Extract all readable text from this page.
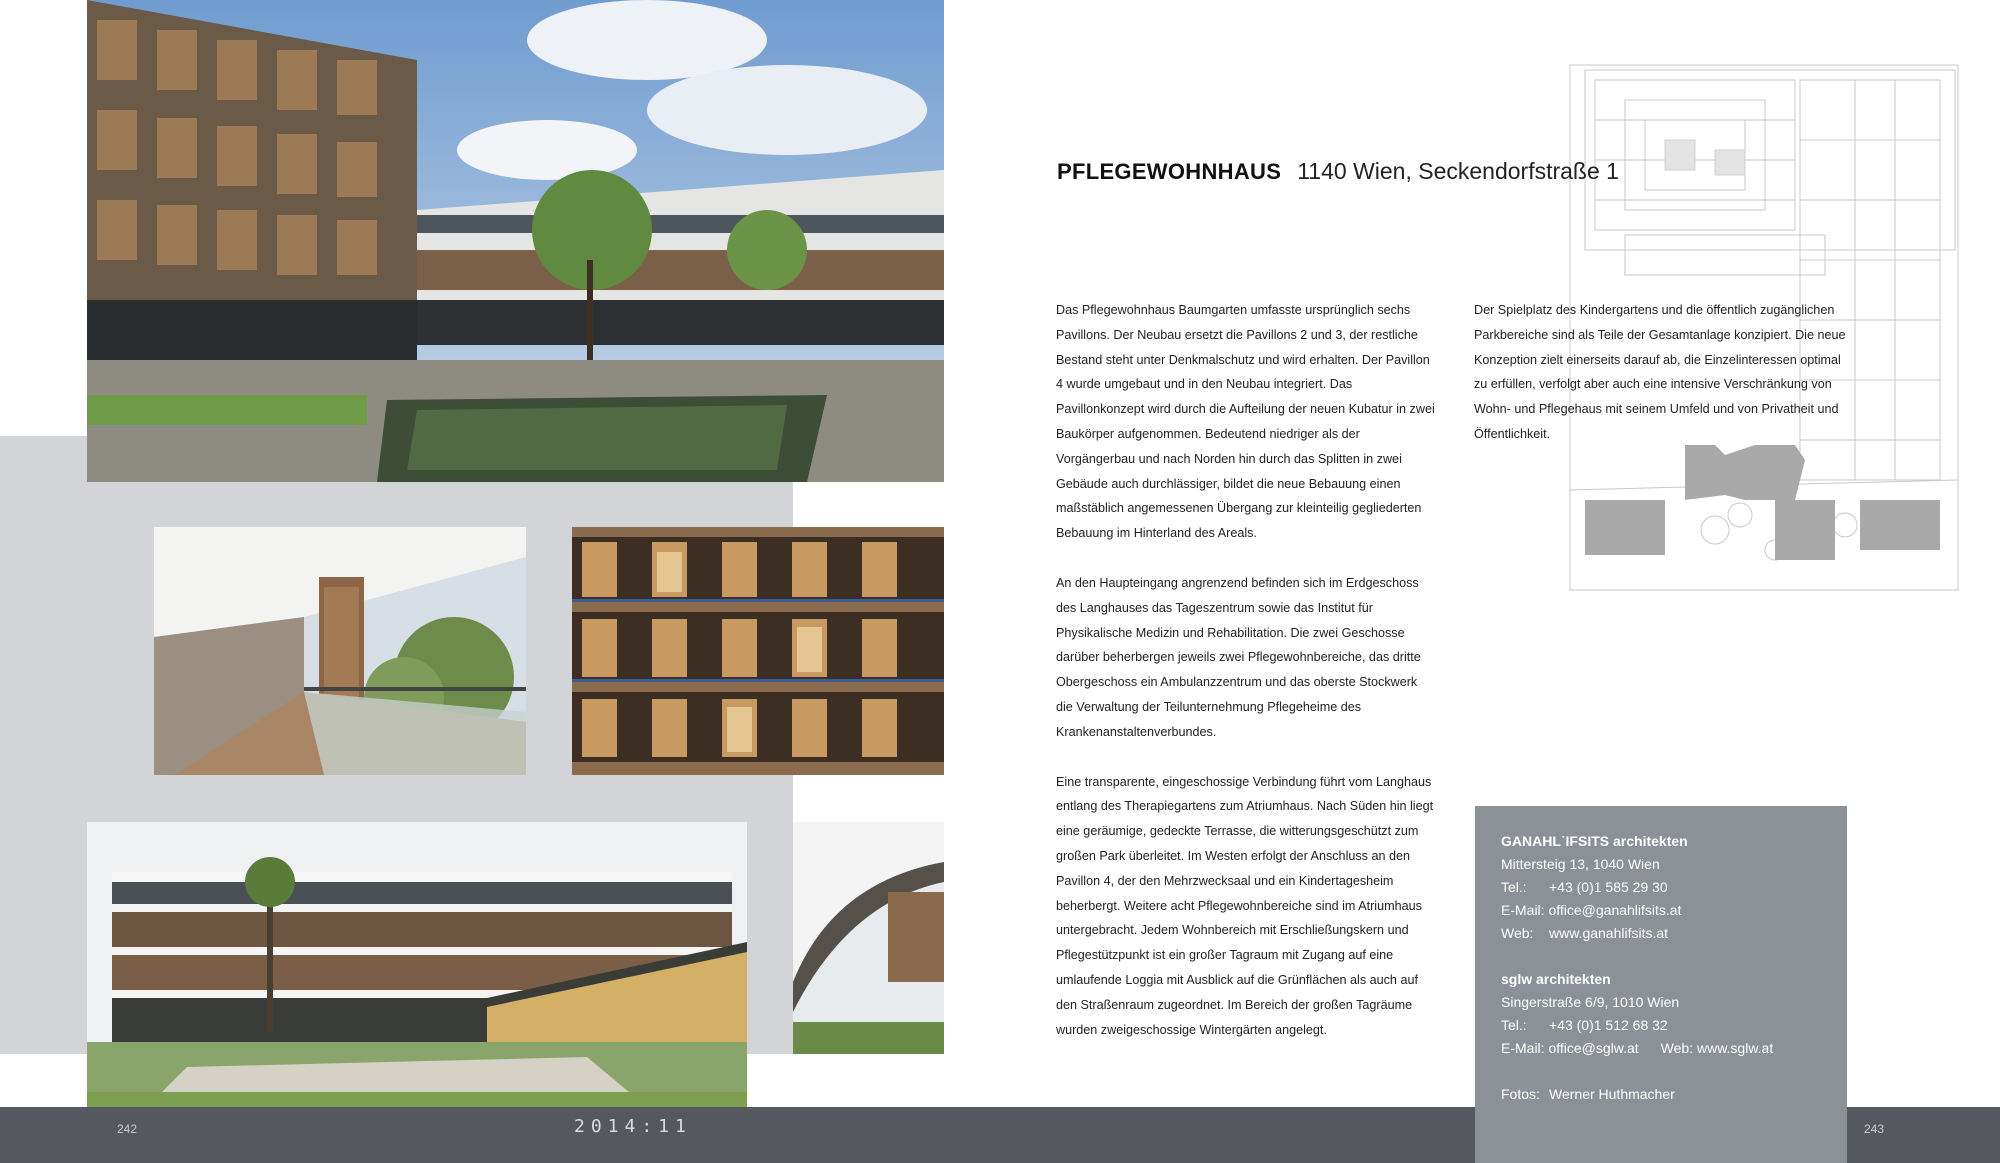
PFLEGEWOHNHAUS 1140 Wien, Seckendorfstraße 1

Das Pflegewohnhaus Baumgarten umfasste ursprünglich sechs Pavillons. Der Neubau ersetzt die Pavillons 2 und 3, der restliche Bestand steht unter Denkmalschutz und wird erhalten. Der Pavillon 4 wurde umgebaut und in den Neubau integriert. Das Pavillonkonzept wird durch die Aufteilung der neuen Kubatur in zwei Baukörper aufgenommen. Bedeutend niedriger als der Vorgängerbau und nach Norden hin durch das Splitten in zwei Gebäude auch durchlässiger, bildet die neue Bebauung einen maßstäblich angemessenen Übergang zur kleinteilig gegliederten Bebauung im Hinterland des Areals.

An den Haupteingang angrenzend befinden sich im Erdgeschoss des Langhauses das Tageszentrum sowie das Institut für Physikalische Medizin und Rehabilitation. Die zwei Geschosse darüber beherbergen jeweils zwei Pflegewohnbereiche, das dritte Obergeschoss ein Ambulanzzentrum und das oberste Stockwerk die Verwaltung der Teilunternehmung Pflegeheime des Krankenanstaltenverbundes.

Eine transparente, eingeschossige Verbindung führt vom Langhaus entlang des Therapiegartens zum Atriumhaus. Nach Süden hin liegt eine geräumige, gedeckte Terrasse, die witterungsgeschützt zum großen Park überleitet. Im Westen erfolgt der Anschluss an den Pavillon 4, der den Mehrzwecksaal und ein Kindertagesheim beherbergt. Weitere acht Pflegewohnbereiche sind im Atriumhaus untergebracht. Jedem Wohnbereich mit Erschließungskern und Pflegestützpunkt ist ein großer Tagraum mit Zugang auf eine umlaufende Loggia mit Ausblick auf die Grünflächen als auch auf den Straßenraum zugeordnet. Im Bereich der großen Tagräume wurden zweigeschossige Wintergärten angelegt.

Der Spielplatz des Kindergartens und die öffentlich zugänglichen Parkbereiche sind als Teile der Gesamtanlage konzipiert. Die neue Konzeption zielt einerseits darauf ab, die Einzelinteressen optimal zu erfüllen, verfolgt aber auch eine intensive Verschränkung von Wohn- und Pflegehaus mit seinem Umfeld und von Privatheit und Öffentlichkeit.

242	2014:11	243
GANAHL˙IFSITS architekten
Mittersteig 13, 1040 Wien
Tel.: +43 (0)1 585 29 30
E-Mail: office@ganahlifsits.at
Web: www.ganahlifsits.at
sglw architekten
Singerstraße 6/9, 1010 Wien
Tel.: +43 (0)1 512 68 32
E-Mail: office@sglw.at Web: www.sglw.at
Fotos: Werner Huthmacher
